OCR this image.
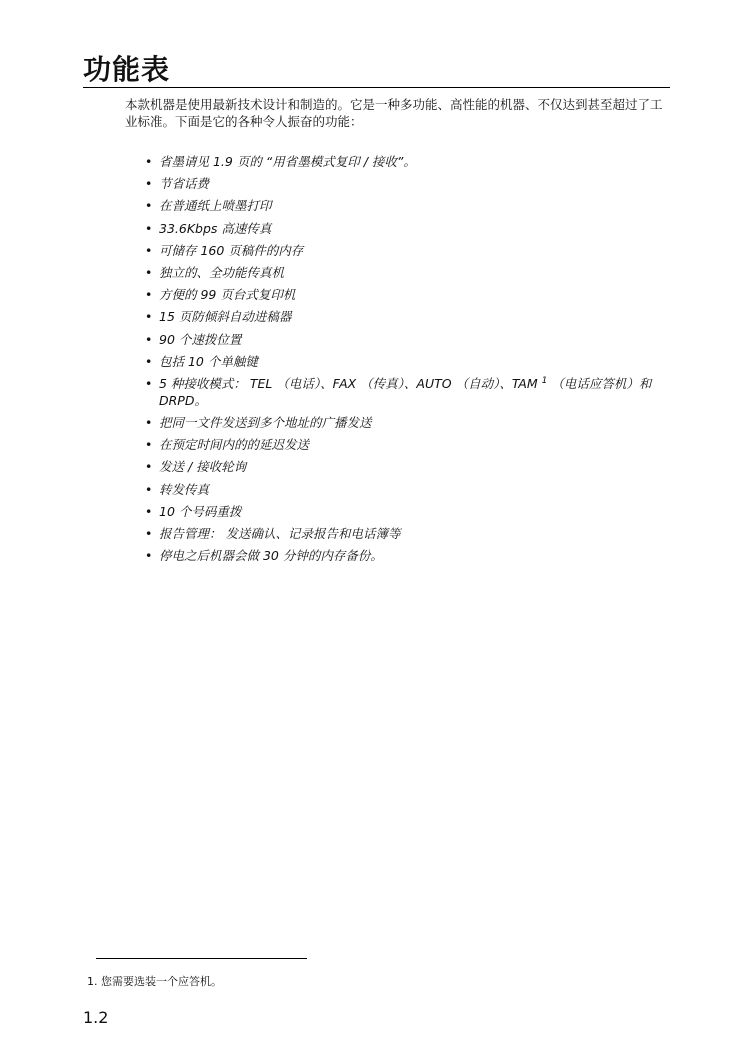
功能表

本款机器是使用最新技术设计和制造的。它是一种多功能、高性能的机器、不仅达到甚至超过了工业标准。下面是它的各种令人振奋的功能：

• 省墨请见 1.9 页的 “用省墨模式复印 / 接收”。
• 节省话费
• 在普通纸上喷墨打印
• 33.6Kbps 高速传真
• 可储存 160 页稿件的内存
• 独立的、全功能传真机
• 方便的 99 页台式复印机
• 15 页防倾斜自动进稿器
• 90 个速拨位置
• 包括 10 个单触键
• 5 种接收模式： TEL （电话）、FAX （传真）、AUTO （自动）、TAM $^1$ （电话应答机）和 DRPD。
• 把同一文件发送到多个地址的广播发送
• 在预定时间内的的延迟发送
• 发送 / 接收轮询
• 转发传真
• 10 个号码重拨
• 报告管理： 发送确认、记录报告和电话簿等
• 停电之后机器会做 30 分钟的内存备份。

1. 您需要选装一个应答机。

1.2
